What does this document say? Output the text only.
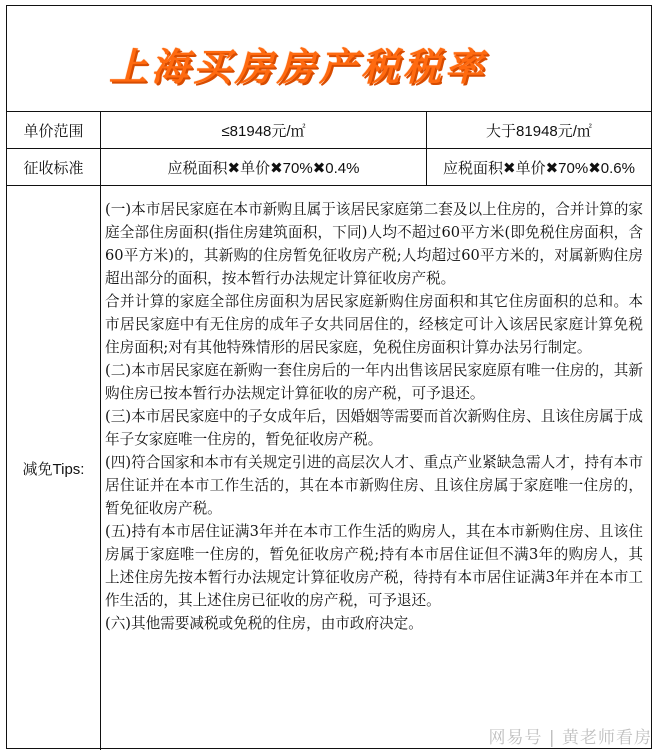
上海买房房产税税率
单价范围	≤81948元/㎡	大于81948元/㎡
征收标准	应税面积✖单价✖70%✖0.4%	应税面积✖单价✖70%✖0.6%
减免Tips:

(一)本市居民家庭在本市新购且属于该居民家庭第二套及以上住房的，合并计算的家庭全部住房面积(指住房建筑面积，下同)人均不超过60平方米(即免税住房面积，含60平方米)的，其新购的住房暂免征收房产税;人均超过60平方米的，对属新购住房超出部分的面积，按本暂行办法规定计算征收房产税。

合并计算的家庭全部住房面积为居民家庭新购住房面积和其它住房面积的总和。本市居民家庭中有无住房的成年子女共同居住的，经核定可计入该居民家庭计算免税住房面积;对有其他特殊情形的居民家庭，免税住房面积计算办法另行制定。

(二)本市居民家庭在新购一套住房后的一年内出售该居民家庭原有唯一住房的，其新购住房已按本暂行办法规定计算征收的房产税，可予退还。

(三)本市居民家庭中的子女成年后，因婚姻等需要而首次新购住房、且该住房属于成年子女家庭唯一住房的，暂免征收房产税。

(四)符合国家和本市有关规定引进的高层次人才、重点产业紧缺急需人才，持有本市居住证并在本市工作生活的，其在本市新购住房、且该住房属于家庭唯一住房的，暂免征收房产税。

(五)持有本市居住证满3年并在本市工作生活的购房人，其在本市新购住房、且该住房属于家庭唯一住房的，暂免征收房产税;持有本市居住证但不满3年的购房人，其上述住房先按本暂行办法规定计算征收房产税，待持有本市居住证满3年并在本市工作生活的，其上述住房已征收的房产税，可予退还。

(六)其他需要减税或免税的住房，由市政府决定。

网易号 | 黄老师看房
